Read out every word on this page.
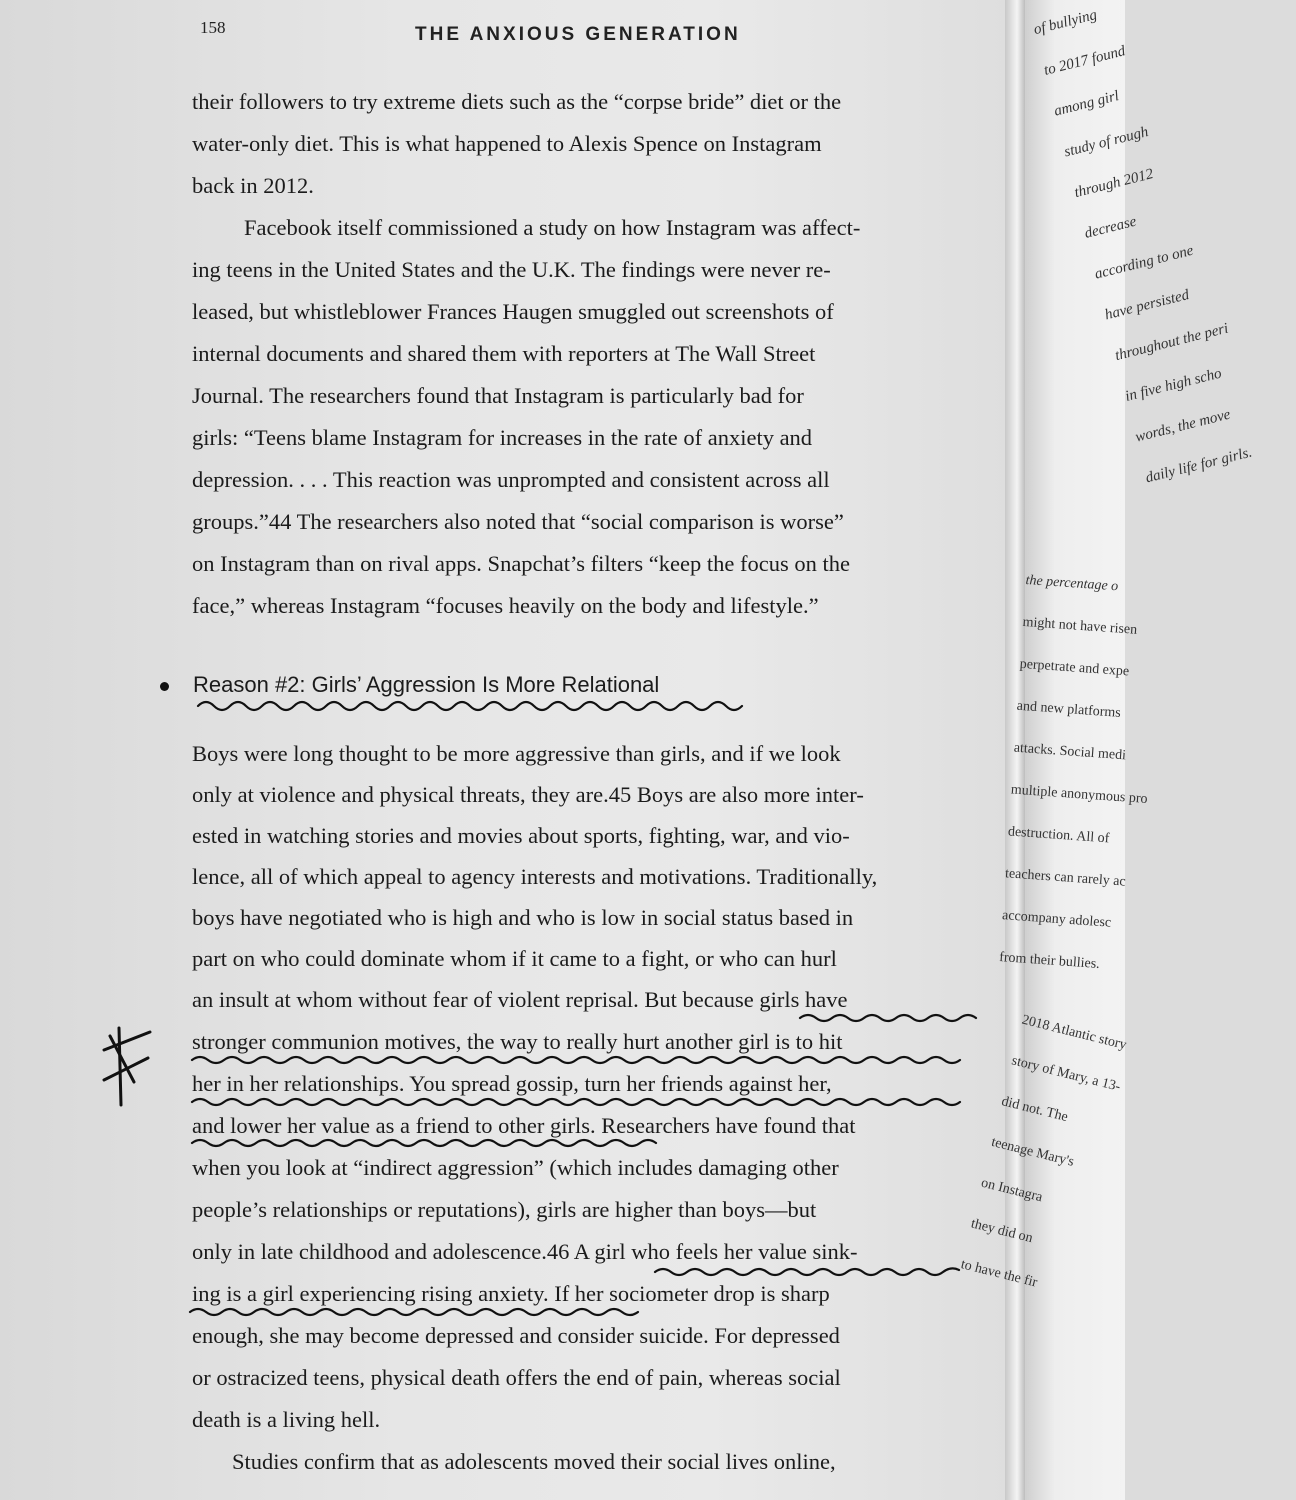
158	THE ANXIOUS GENERATION
their followers to try extreme diets such as the “corpse bride” diet or the
water-only diet. This is what happened to Alexis Spence on Instagram
back in 2012.
Facebook itself commissioned a study on how Instagram was affect-
ing teens in the United States and the U.K. The findings were never re-
leased, but whistleblower Frances Haugen smuggled out screenshots of
internal documents and shared them with reporters at The Wall Street
Journal. The researchers found that Instagram is particularly bad for
girls: “Teens blame Instagram for increases in the rate of anxiety and
depression. . . . This reaction was unprompted and consistent across all
groups.”44 The researchers also noted that “social comparison is worse”
on Instagram than on rival apps. Snapchat’s filters “keep the focus on the
face,” whereas Instagram “focuses heavily on the body and lifestyle.”
Boys were long thought to be more aggressive than girls, and if we look
only at violence and physical threats, they are.45 Boys are also more inter-
ested in watching stories and movies about sports, fighting, war, and vio-
lence, all of which appeal to agency interests and motivations. Traditionally,
boys have negotiated who is high and who is low in social status based in
part on who could dominate whom if it came to a fight, or who can hurl
an insult at whom without fear of violent reprisal. But because girls have
stronger communion motives, the way to really hurt another girl is to hit
her in her relationships. You spread gossip, turn her friends against her,
and lower her value as a friend to other girls. Researchers have found that
when you look at “indirect aggression” (which includes damaging other
people’s relationships or reputations), girls are higher than boys—but
only in late childhood and adolescence.46 A girl who feels her value sink-
ing is a girl experiencing rising anxiety. If her sociometer drop is sharp
enough, she may become depressed and consider suicide. For depressed
or ostracized teens, physical death offers the end of pain, whereas social
death is a living hell.
Studies confirm that as adolescents moved their social lives online,
Reason #2: Girls’ Aggression Is More Relational
of bullying
to 2017 found
among girl
study of rough
through 2012
decrease
according to one
have persisted
throughout the peri
in five high scho
words, the move
daily life for girls.
the percentage o
might not have risen
perpetrate and expe
and new platforms
attacks. Social medi
multiple anonymous pro
destruction. All of
teachers can rarely ac
accompany adolesc
from their bullies.
2018 Atlantic story
story of Mary, a 13-
did not. The
teenage Mary's
on Instagra
they did on
to have the fir
